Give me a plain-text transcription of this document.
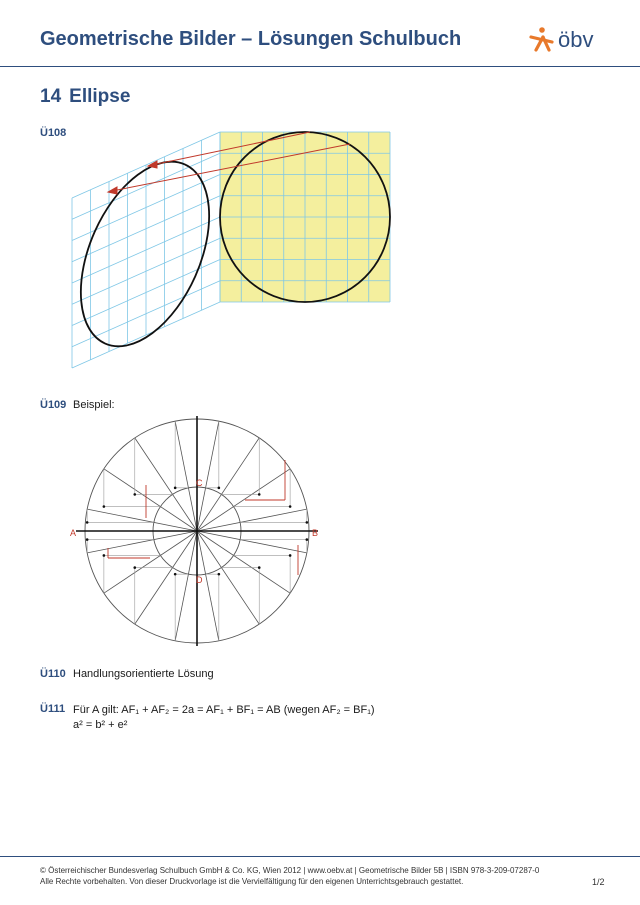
Geometrische Bilder – Lösungen Schulbuch	öbv
14 Ellipse
Ü108
Ü109 Beispiel:
A	B
C
D
Ü110 Handlungsorientierte Lösung
Ü111 Für A gilt: AF₁ + AF₂ = 2a = AF₁ + BF₁ = AB (wegen AF₂ = BF₁)
a² = b² + e²
© Österreichischer Bundesverlag Schulbuch GmbH & Co. KG, Wien 2012 | www.oebv.at | Geometrische Bilder 5B | ISBN 978-3-209-07287-0
Alle Rechte vorbehalten. Von dieser Druckvorlage ist die Vervielfältigung für den eigenen Unterrichtsgebrauch gestattet.	1/2
